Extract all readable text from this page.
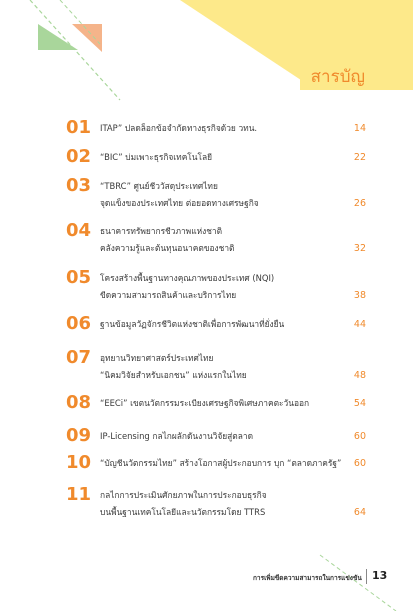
สารบัญ
01	ITAP” ปลดล็อกข้อจำกัดทางธุรกิจด้วย วทน.	14
02	“BIC” บ่มเพาะธุรกิจเทคโนโลยี	22
03	“TBRC” ศูนย์ชีววัสดุประเทศไทย
จุดแข็งของประเทศไทย ต่อยอดทางเศรษฐกิจ	26
04	ธนาคารทรัพยากรชีวภาพแห่งชาติ
คลังความรู้และต้นทุนอนาคตของชาติ	32
05	โครงสร้างพื้นฐานทางคุณภาพของประเทศ (NQI)
ขีดความสามารถสินค้าและบริการไทย	38
06	ฐานข้อมูลวัฏจักรชีวิตแห่งชาติเพื่อการพัฒนาที่ยั่งยืน	44
07	อุทยานวิทยาศาสตร์ประเทศไทย
“นิคมวิจัยสำหรับเอกชน” แห่งแรกในไทย	48
08	“EECi” เขตนวัตกรรมระเบียงเศรษฐกิจพิเศษภาคตะวันออก	54
09	IP-Licensing กลไกผลักดันงานวิจัยสู่ตลาด	60
10	“บัญชีนวัตกรรมไทย” สร้างโอกาสผู้ประกอบการ บุก “ตลาดภาครัฐ”	60
11	กลไกการประเมินศักยภาพในการประกอบธุรกิจ
บนพื้นฐานเทคโนโลยีและนวัตกรรมโดย TTRS	64
การเพิ่มขีดความสามารถในการแข่งขัน 13
